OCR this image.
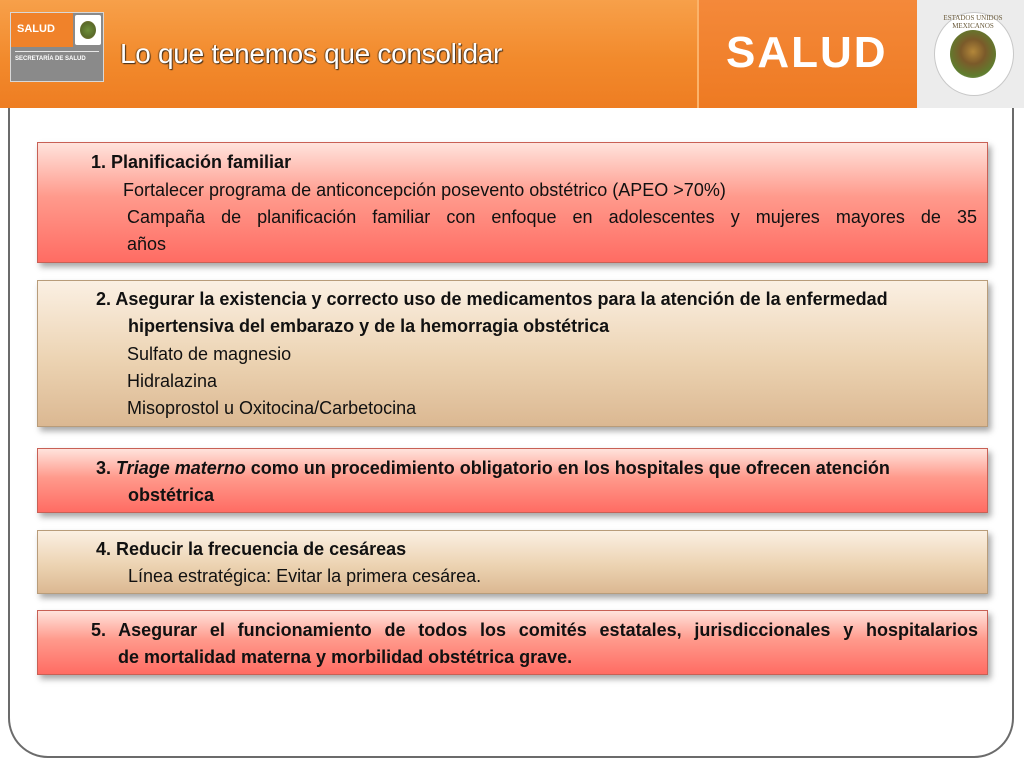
SALUD
SECRETARÍA DE SALUD	Lo que tenemos que consolidar	SALUD
ESTADOS UNIDOS MEXICANOS
1. Planificación familiar
Fortalecer programa de anticoncepción posevento obstétrico (APEO >70%)
Campaña de planificación familiar con enfoque en adolescentes y mujeres mayores de 35
años
2. Asegurar la existencia y correcto uso de medicamentos para la atención de la enfermedad
hipertensiva del embarazo y de la hemorragia obstétrica
Sulfato de magnesio
Hidralazina
Misoprostol u Oxitocina/Carbetocina
3. Triage materno como un procedimiento obligatorio en los hospitales que ofrecen atención
obstétrica
4. Reducir la frecuencia de cesáreas
Línea estratégica: Evitar la primera cesárea.
5. Asegurar el funcionamiento de todos los comités estatales, jurisdiccionales y hospitalarios
de mortalidad materna y morbilidad obstétrica grave.
